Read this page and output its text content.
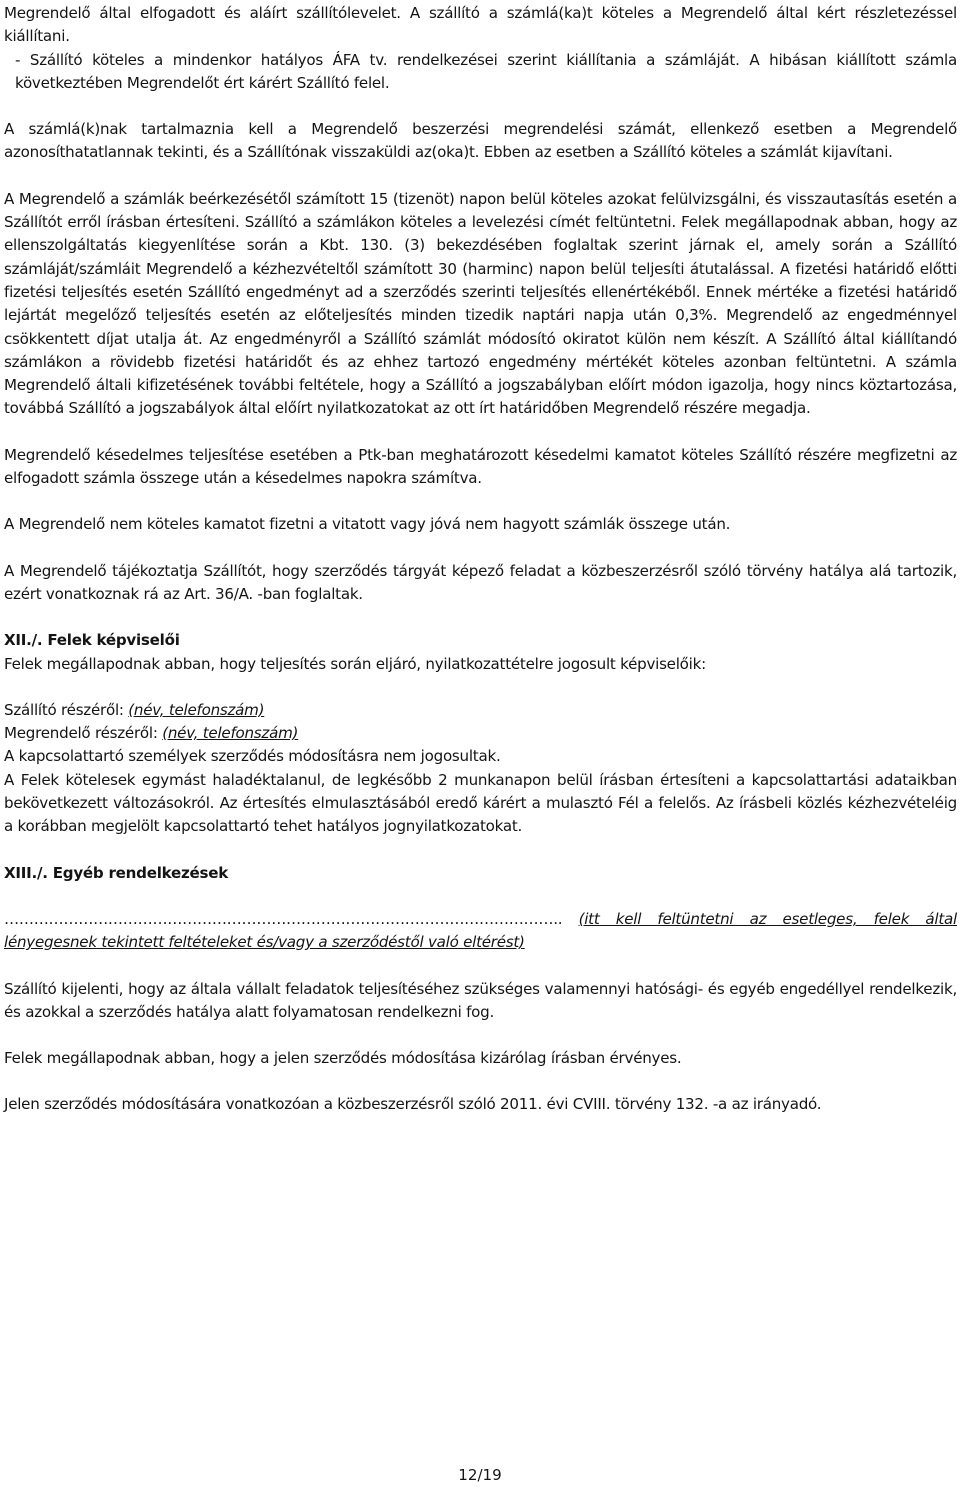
Megrendelő által elfogadott és aláírt szállítólevelet. A szállító a számlá(ka)t köteles a Megrendelő által kért részletezéssel kiállítani.

- Szállító köteles a mindenkor hatályos ÁFA tv. rendelkezései szerint kiállítania a számláját. A hibásan kiállított számla következtében Megrendelőt ért kárért Szállító felel.

A számlá(k)nak tartalmaznia kell a Megrendelő beszerzési megrendelési számát, ellenkező esetben a Megrendelő azonosíthatatlannak tekinti, és a Szállítónak visszaküldi az(oka)t. Ebben az esetben a Szállító köteles a számlát kijavítani.

A Megrendelő a számlák beérkezésétől számított 15 (tizenöt) napon belül köteles azokat felülvizsgálni, és visszautasítás esetén a Szállítót erről írásban értesíteni. Szállító a számlákon köteles a levelezési címét feltüntetni. Felek megállapodnak abban, hogy az ellenszolgáltatás kiegyenlítése során a Kbt. 130. (3) bekezdésében foglaltak szerint járnak el, amely során a Szállító számláját/számláit Megrendelő a kézhezvételtől számított 30 (harminc) napon belül teljesíti átutalással. A fizetési határidő előtti fizetési teljesítés esetén Szállító engedményt ad a szerződés szerinti teljesítés ellenértékéből. Ennek mértéke a fizetési határidő lejártát megelőző teljesítés esetén az előteljesítés minden tizedik naptári napja után 0,3%. Megrendelő az engedménnyel csökkentett díjat utalja át. Az engedményről a Szállító számlát módosító okiratot külön nem készít. A Szállító által kiállítandó számlákon a rövidebb fizetési határidőt és az ehhez tartozó engedmény mértékét köteles azonban feltüntetni. A számla Megrendelő általi kifizetésének további feltétele, hogy a Szállító a jogszabályban előírt módon igazolja, hogy nincs köztartozása, továbbá Szállító a jogszabályok által előírt nyilatkozatokat az ott írt határidőben Megrendelő részére megadja.

Megrendelő késedelmes teljesítése esetében a Ptk-ban meghatározott késedelmi kamatot köteles Szállító részére megfizetni az elfogadott számla összege után a késedelmes napokra számítva.

A Megrendelő nem köteles kamatot fizetni a vitatott vagy jóvá nem hagyott számlák összege után.

A Megrendelő tájékoztatja Szállítót, hogy szerződés tárgyát képező feladat a közbeszerzésről szóló törvény hatálya alá tartozik, ezért vonatkoznak rá az Art. 36/A. -ban foglaltak.

XII./. Felek képviselői

Felek megállapodnak abban, hogy teljesítés során eljáró, nyilatkozattételre jogosult képviselőik:

Szállító részéről: (név, telefonszám)

Megrendelő részéről: (név, telefonszám)

A kapcsolattartó személyek szerződés módosításra nem jogosultak.

A Felek kötelesek egymást haladéktalanul, de legkésőbb 2 munkanapon belül írásban értesíteni a kapcsolattartási adataikban bekövetkezett változásokról. Az értesítés elmulasztásából eredő kárért a mulasztó Fél a felelős. Az írásbeli közlés kézhezvételéig a korábban megjelölt kapcsolattartó tehet hatályos jognyilatkozatokat.

XIII./. Egyéb rendelkezések

………………………………………………………………………………………………….. (itt kell feltüntetni az esetleges, felek által lényegesnek tekintett feltételeket és/vagy a szerződéstől való eltérést)

Szállító kijelenti, hogy az általa vállalt feladatok teljesítéséhez szükséges valamennyi hatósági- és egyéb engedéllyel rendelkezik, és azokkal a szerződés hatálya alatt folyamatosan rendelkezni fog.

Felek megállapodnak abban, hogy a jelen szerződés módosítása kizárólag írásban érvényes.

Jelen szerződés módosítására vonatkozóan a közbeszerzésről szóló 2011. évi CVIII. törvény 132. -a az irányadó.

12/19
